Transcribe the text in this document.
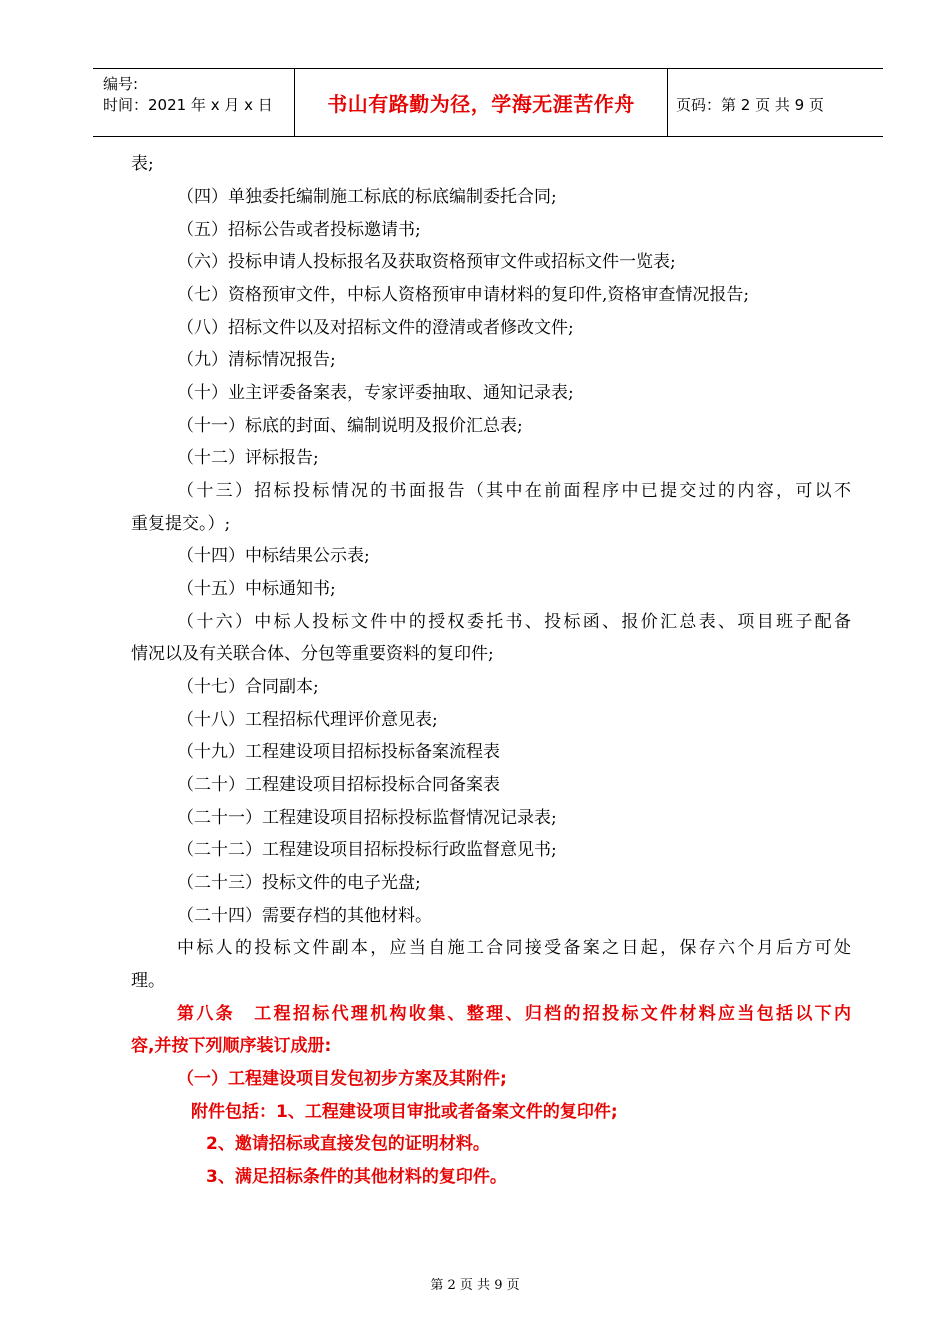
编号:
时间：2021 年 x 月 x 日	书山有路勤为径，学海无涯苦作舟	页码：第 2 页 共 9 页
表;
（四）单独委托编制施工标底的标底编制委托合同;
（五）招标公告或者投标邀请书;
（六）投标申请人投标报名及获取资格预审文件或招标文件一览表;
（七）资格预审文件，中标人资格预审申请材料的复印件,资格审查情况报告;
（八）招标文件以及对招标文件的澄清或者修改文件;
（九）清标情况报告;
（十）业主评委备案表，专家评委抽取、通知记录表;
（十一）标底的封面、编制说明及报价汇总表;
（十二）评标报告;
（十三）招标投标情况的书面报告（其中在前面程序中已提交过的内容，可以不
重复提交。）;
（十四）中标结果公示表;
（十五）中标通知书;
（十六）中标人投标文件中的授权委托书、投标函、报价汇总表、项目班子配备
情况以及有关联合体、分包等重要资料的复印件;
（十七）合同副本;
（十八）工程招标代理评价意见表;
（十九）工程建设项目招标投标备案流程表
（二十）工程建设项目招标投标合同备案表
（二十一）工程建设项目招标投标监督情况记录表;
（二十二）工程建设项目招标投标行政监督意见书;
（二十三）投标文件的电子光盘;
（二十四）需要存档的其他材料。
中标人的投标文件副本，应当自施工合同接受备案之日起，保存六个月后方可处
理。
第八条　工程招标代理机构收集、整理、归档的招投标文件材料应当包括以下内
容,并按下列顺序装订成册:
（一）工程建设项目发包初步方案及其附件;
附件包括：1、工程建设项目审批或者备案文件的复印件;
2、邀请招标或直接发包的证明材料。
3、满足招标条件的其他材料的复印件。
第 2 页 共 9 页
